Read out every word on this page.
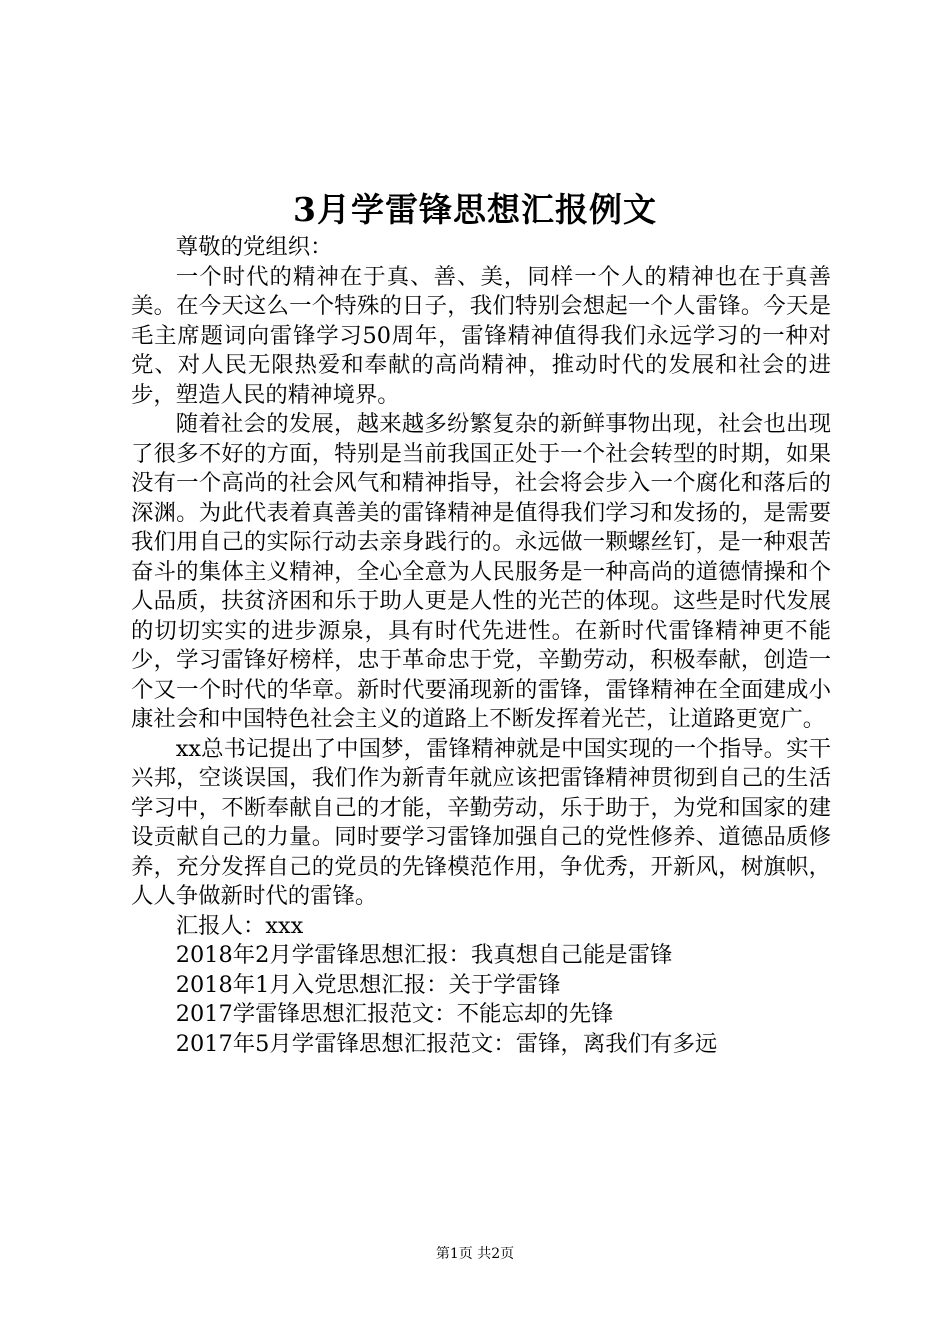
3月学雷锋思想汇报例文

尊敬的党组织：

一个时代的精神在于真、善、美，同样一个人的精神也在于真善美。在今天这么一个特殊的日子，我们特别会想起一个人雷锋。今天是毛主席题词向雷锋学习50周年，雷锋精神值得我们永远学习的一种对党、对人民无限热爱和奉献的高尚精神，推动时代的发展和社会的进步，塑造人民的精神境界。

随着社会的发展，越来越多纷繁复杂的新鲜事物出现，社会也出现了很多不好的方面，特别是当前我国正处于一个社会转型的时期，如果没有一个高尚的社会风气和精神指导，社会将会步入一个腐化和落后的深渊。为此代表着真善美的雷锋精神是值得我们学习和发扬的，是需要我们用自己的实际行动去亲身践行的。永远做一颗螺丝钉，是一种艰苦奋斗的集体主义精神，全心全意为人民服务是一种高尚的道德情操和个人品质，扶贫济困和乐于助人更是人性的光芒的体现。这些是时代发展的切切实实的进步源泉，具有时代先进性。在新时代雷锋精神更不能少，学习雷锋好榜样，忠于革命忠于党，辛勤劳动，积极奉献，创造一个又一个时代的华章。新时代要涌现新的雷锋，雷锋精神在全面建成小康社会和中国特色社会主义的道路上不断发挥着光芒，让道路更宽广。

xx总书记提出了中国梦，雷锋精神就是中国实现的一个指导。实干兴邦，空谈误国，我们作为新青年就应该把雷锋精神贯彻到自己的生活学习中，不断奉献自己的才能，辛勤劳动，乐于助于，为党和国家的建设贡献自己的力量。同时要学习雷锋加强自己的党性修养、道德品质修养，充分发挥自己的党员的先锋模范作用，争优秀，开新风，树旗帜，人人争做新时代的雷锋。

汇报人：xxx

2018年2月学雷锋思想汇报：我真想自己能是雷锋

2018年1月入党思想汇报：关于学雷锋

2017学雷锋思想汇报范文：不能忘却的先锋

2017年5月学雷锋思想汇报范文：雷锋，离我们有多远

第1页 共2页
